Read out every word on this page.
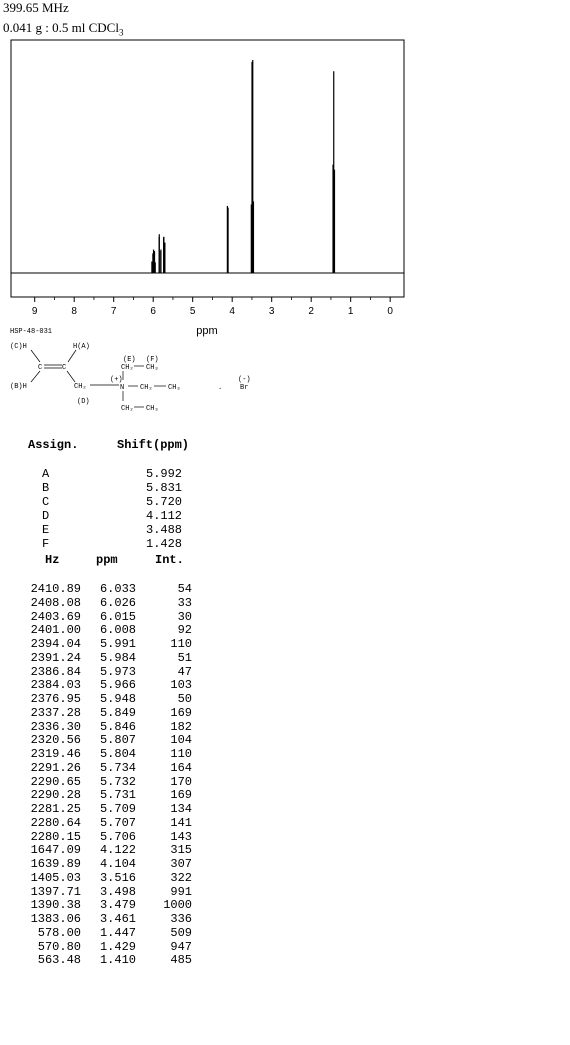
399.65 MHz
0.041 g : 0.5 ml CDCl$_3$
9	8	7	6	5	4	3	2	1	0
ppm
HSP-48-031
(C)H	H(A)
C	C
(B)H	CH₂
(D)
(E) (F)
CH₂ CH₃
(+)
N CH₂ CH₃
CH₂ CH₃
.
(-)
Br
Assign.	Shift(ppm)
A	5.992
B	5.831
C	5.720
D	4.112
E	3.488
F	1.428
Hz	ppm	Int.
2410.89 6.033	54
2408.08 6.026	33
2403.69 6.015	30
2401.00 6.008	92
2394.04 5.991	110
2391.24 5.984	51
2386.84 5.973	47
2384.03 5.966	103
2376.95 5.948	50
2337.28 5.849	169
2336.30 5.846	182
2320.56 5.807	104
2319.46 5.804	110
2291.26 5.734	164
2290.65 5.732	170
2290.28 5.731	169
2281.25 5.709	134
2280.64 5.707	141
2280.15 5.706	143
1647.09 4.122	315
1639.89 4.104	307
1405.03 3.516	322
1397.71 3.498	991
1390.38 3.479 1000
1383.06 3.461	336
578.00 1.447	509
570.80 1.429	947
563.48 1.410	485
